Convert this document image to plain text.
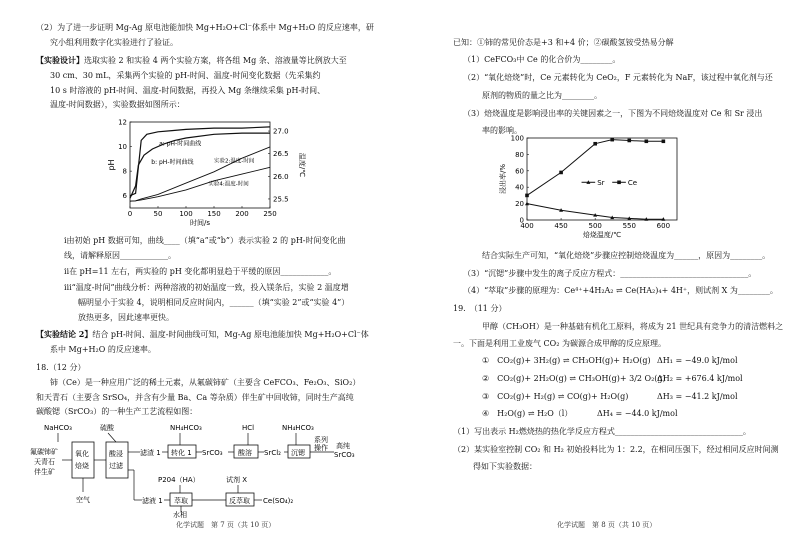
（2）为了进一步证明 Mg-Ag 原电池能加快 Mg+H₂O+Cl⁻体系中 Mg+H₂O 的反应速率，研
究小组利用数字化实验进行了验证。
【实验设计】选取实验 2 和实验 4 两个实验方案，将各组 Mg 条、溶液量等比例放大至
30 cm、30 mL，采集两个实验的 pH-时间、温度-时间变化数据（先采集约
10 s 时溶液的 pH-时间、温度-时间数据，再投入 Mg 条继续采集 pH-时间、
温度-时间数据），实验数据如图所示：
0	50 100 150 200 250
6
8
10
12
25.5
26.0
26.5
27.0
时间/s
pH	温度/℃
a: pH-时间曲线
b: pH-时间曲线	实验2:温度-时间
实验4:温度-时间
ⅰ由初始 pH 数据可知，曲线____（填“a”或“b”）表示实验 2 的 pH-时间变化曲
线，请解释原因____________。
ⅱ在 pH=11 左右，两实验的 pH 变化都明显趋于平缓的原因____________。
ⅲ“温度-时间”曲线分析：两种溶液的初始温度一致，投入镁条后，实验 2 温度增
幅明显小于实验 4，说明相同反应时间内，______（填“实验 2”或“实验 4”）
放热更多，因此速率更快。
【实验结论 2】结合 pH-时间、温度-时间曲线可知，Mg-Ag 原电池能加快 Mg+H₂O+Cl⁻体
系中 Mg+H₂O 的反应速率。
18.（12 分）
铈（Ce）是一种应用广泛的稀土元素，从氟碳铈矿（主要含 CeFCO₃、Fe₂O₃、SiO₂）
和天青石（主要含 SrSO₄，并含有少量 Ba、Ca 等杂质）伴生矿中回收铈，同时生产高纯
碳酸锶（SrCO₃）的一种生产工艺流程如图：
NaHCO₃	硫酸
氟碳铈矿
天青石
伴生矿
氧化
焙烧
空气
酸浸
过滤
滤渣 1
滤液 1
NH₄HCO₃
转化 1 SrCO₃
HCl
酸溶 SrCl₂
NH₄HCO₃
沉锶
系列
操作 高纯
SrCO₃
P204（HA）	试剂 X
萃取	反萃取 Ce(SO₄)₂
水相
化学试题　第 7 页（共 10 页）
已知：①铈的常见价态是+3 和+4 价；②碳酸氢铵受热易分解
（1）CeFCO₃中 Ce 的化合价为________。
（2）“氧化焙烧”时，Ce 元素转化为 CeO₂，F 元素转化为 NaF，该过程中氧化剂与还
原剂的物质的量之比为________。
（3）焙烧温度是影响浸出率的关键因素之一，下图为不同焙烧温度对 Ce 和 Sr 浸出
率的影响。
400	450	500	550	600
0
20
40
60
80
100
焙烧温度/℃
浸出率/%	Sr	Ce
结合实际生产可知，“氧化焙烧”步骤应控制焙烧温度为______，原因为________。
（3）“沉锶”步骤中发生的离子反应方程式：________________________________。
（4）“萃取”步骤的原理为：Ce⁴⁺+4H₂A₂ ⇌ Ce(HA₂)₄+ 4H⁺，则试剂 X 为________。
19.　（11 分）
甲醇（CH₃OH）是一种基础有机化工原料，将成为 21 世纪具有竞争力的清洁燃料之
一。下面是利用工业废气 CO₂ 为碳源合成甲醇的反应原理。
①　CO₂(g)+ 3H₂(g) ⇌ CH₃OH(g)+ H₂O(g) ΔH₁ = −49.0 kJ/mol
②　CO₂(g)+ 2H₂O(g) ⇌ CH₃OH(g)+ 3/2 O₂(g)
ΔH₂ = +676.4 kJ/mol
③　CO₂(g)+ H₂(g) ⇌ CO(g)+ H₂O(g)	ΔH₃ = −41.2 kJ/mol
④　H₂O(g) ⇌ H₂O（l）	ΔH₄ = −44.0 kJ/mol
（1）写出表示 H₂燃烧热的热化学反应方程式________________________________。
（2）某实验室控制 CO₂ 和 H₂ 初始投料比为 1：2.2，在相同压强下，经过相同反应时间测
得如下实验数据：
化学试题　第 8 页（共 10 页）
